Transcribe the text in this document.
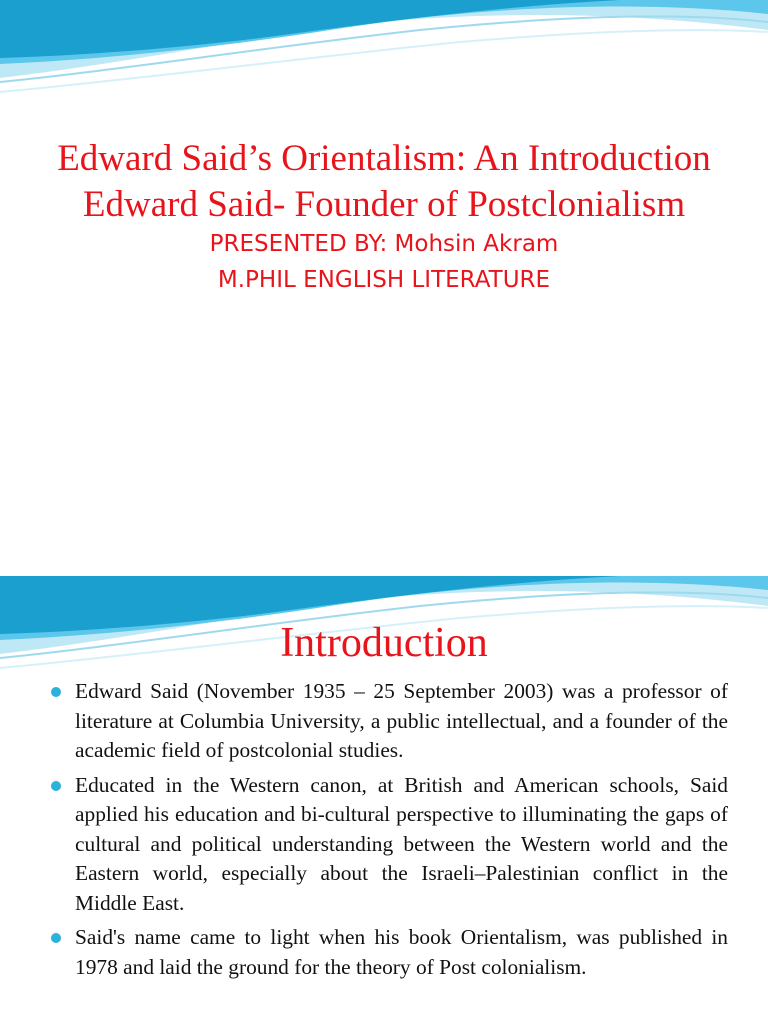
Edward Said’s Orientalism: An Introduction
Edward Said- Founder of Postclonialism
PRESENTED BY: Mohsin Akram
M.PHIL ENGLISH LITERATURE
Introduction
Edward Said (November 1935 – 25 September 2003) was a professor of literature at Columbia University, a public intellectual, and a founder of the academic field of postcolonial studies.
Educated in the Western canon, at British and American schools, Said applied his education and bi-cultural perspective to illuminating the gaps of cultural and political understanding between the Western world and the Eastern world, especially about the Israeli–Palestinian conflict in the Middle East.
Said's name came to light when his book Orientalism, was published in 1978 and laid the ground for the theory of Post colonialism.
